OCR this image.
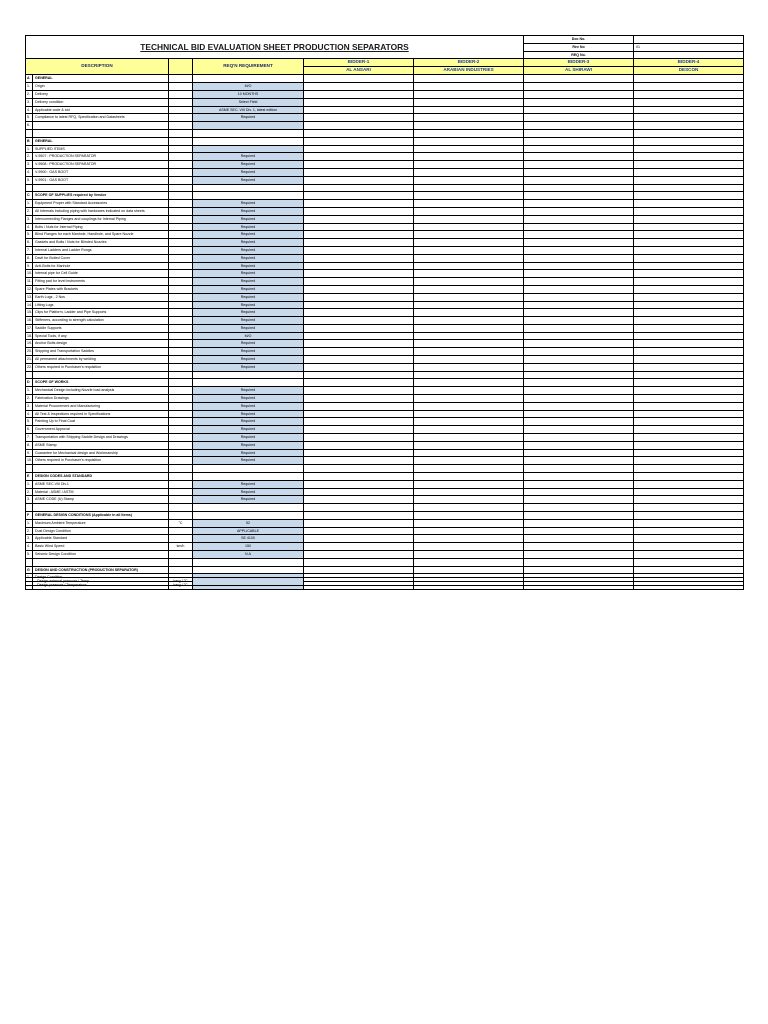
TECHNICAL BID EVALUATION SHEET PRODUCTION SEPARATORS						Doc No.	
						Rev No	01
						REQ No.	
DESCRIPTION			REQ'N REQUIREMENT	BIDDER-1	BIDDER-2	BIDDER-3	BIDDER-4
				AL ANSARI	ARABIAN INDUSTRIES	AL SHIRAWI	DESCON
A	GENERAL						
1.	Origin		M/O				
2.	Delivery		10 MONTHS				
3.	Delivery condition		Select Field				
4.	Applicable code & std		ASME SEC. VIII Div. 1, latest edition				
5.	Compliance to latest RFQ, Specification and Datasheets		Required				
6.							

B	GENERAL						
1.	SUPPLIED ITEMS						
2.	V-9507 : PRODUCTION SEPARATOR		Required				
3.	V-9508 : PRODUCTION SEPARATOR		Required				
4.	V-9900 : GAS BOOT		Required				
5.	V-9901 : GAS BOOT		Required				

C	SCOPE OF SUPPLIES required by Vendor						
1.	Equipment Proper with Standard Accessories		Required				
2.	All Internals including piping with hardwares indicated on data sheets		Required				
3.	Interconnecting Flanges and couplings for Internal Piping		Required				
4.	Bolts / Nuts for Internal Piping		Required				
5.	Blind Flanges for each Manhole, Handhole, and Spare Nozzle		Required				
6.	Gaskets and Bolts / Nuts for Blinded Nozzles		Required				
7.	Internal Ladders and Ladder Rungs		Required				
8.	Davit for Bolted Cover		Required				
9.	Anti-Bolts for Manhole		Required				
10.	Internal pipe for Cell Guide		Required				
11.	Fitting pad for level instruments		Required				
12.	Spare Plates with Brackets		Required				
13.	Earth Lugs - 2 Nos		Required				
14.	Lifting Lugs		Required				
15.	Clips for Platform, Ladder and Pipe Supports		Required				
16.	Stiffeners, according to strength calculation		Required				
17.	Saddle Supports		Required				
18.	Special Tools, if any		M/O				
19.	Anchor Bolts design		Required				
20.	Shipping and Transportation Saddles		Required				
21.	All permanent attachments by welding		Required				
22.	Others required in Purchaser's requisition		Required				

D	SCOPE OF WORKS						
1.	Mechanical Design including Nozzle load analysis		Required				
2.	Fabrication Drawings		Required				
3.	Material Procurement and Manufacturing		Required				
4.	All Test & Inspections required in Specifications		Required				
5.	Painting Up to Final Coat		Required				
6.	Government Approval		Required				
7.	Transportation with Shipping Saddle Design and Drawings		Required				
8.	ASME Stamp		Required				
9.	Guarantee for Mechanical design and Workmanship		Required				
10.	Others required in Purchaser's requisition		Required				

E	DESIGN CODES AND STANDARD						
1.	ASME SEC.VIII Div.1		Required				
2.	Material : ASME / ASTM		Required				
3.	ASME CODE (U) Stamp		Required				

F	GENERAL DESIGN CONDITIONS (Applicable in all Items)						
1.	Maximum Ambient Temperature	°C	52				
2.	Dust Design Condition		APPLICABLE				
3.	Applicable Standard		SE 4100				
4.	Basic Wind Speed	km/h	150				
5.	Seismic Design Condition		N.A				

G	DESIGN AND CONSTRUCTION (PRODUCTION SEPARATOR)						
1.	Design Condition						
	- Design pressure / Temperature	barg / °C					
	- Design external pressure / Temp.	barg / °C					
